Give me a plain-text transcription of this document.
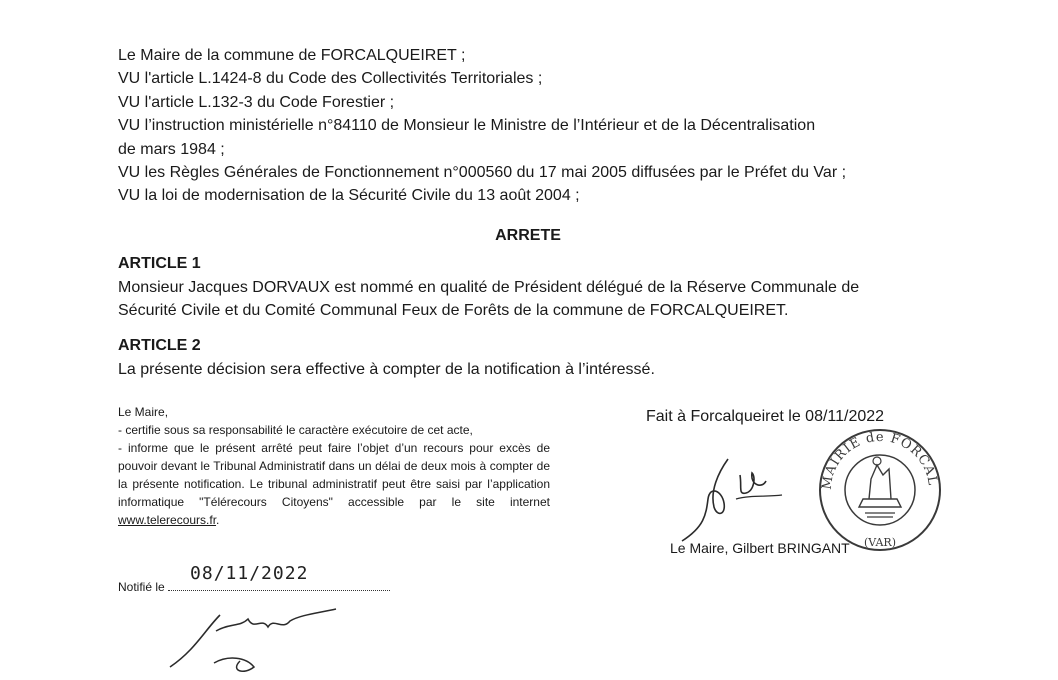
Le Maire de la commune de FORCALQUEIRET ;

VU l'article L.1424-8 du Code des Collectivités Territoriales ;

VU l'article L.132-3 du Code Forestier ;

VU l’instruction ministérielle n°84110 de Monsieur le Ministre de l’Intérieur et de la Décentralisation

de mars 1984 ;

VU les Règles Générales de Fonctionnement n°000560 du 17 mai 2005 diffusées par le Préfet du Var ;

VU la loi de modernisation de la Sécurité Civile du 13 août 2004 ;

ARRETE

ARTICLE 1

Monsieur Jacques DORVAUX est nommé en qualité de Président délégué de la Réserve Communale de

Sécurité Civile et du Comité Communal Feux de Forêts de la commune de FORCALQUEIRET.

ARTICLE 2

La présente décision sera effective à compter de la notification à l’intéressé.

Le Maire,

- certifie sous sa responsabilité le caractère exécutoire de cet acte,

- informe que le présent arrêté peut faire l’objet d’un recours pour excès de pouvoir devant le Tribunal Administratif dans un délai de deux mois à compter de la présente notification. Le tribunal administratif peut être saisi par l’application informatique "Télérecours Citoyens" accessible par le site internet www.telerecours.fr.

Notifié le
08/11/2022
Fait à Forcalqueiret le 08/11/2022
MAIRIE de FORCAL
(VAR)
Le Maire, Gilbert BRINGANT
